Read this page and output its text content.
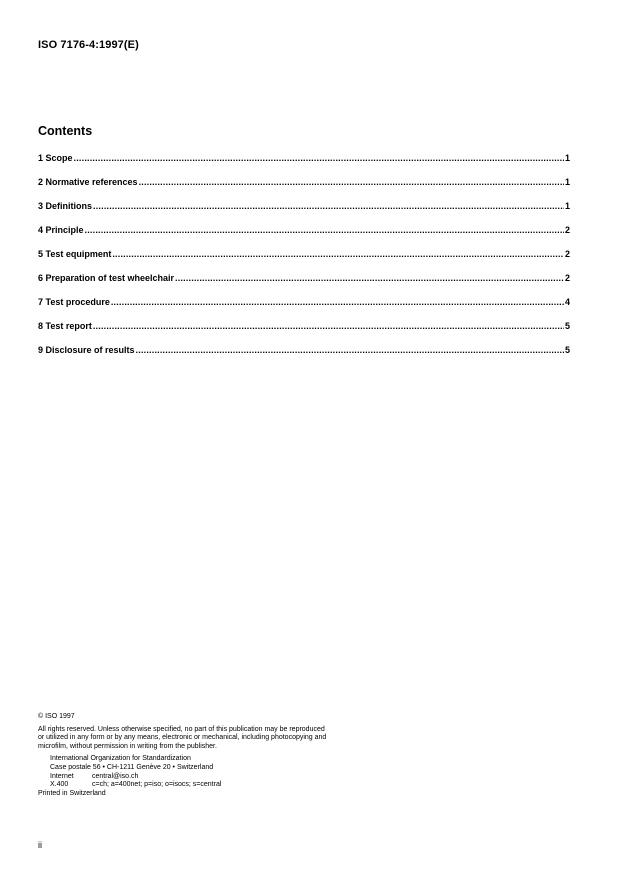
ISO 7176-4:1997(E)
Contents
1 Scope .....	1
2 Normative references .....	1
3 Definitions .....	1
4 Principle .....	2
5 Test equipment .....	2
6 Preparation of test wheelchair .....	2
7 Test procedure .....	4
8 Test report .....	5
9 Disclosure of results .....	5
© ISO 1997
All rights reserved. Unless otherwise specified, no part of this publication may be reproduced
or utilized in any form or by any means, electronic or mechanical, including photocopying and
microfilm, without permission in writing from the publisher.
International Organization for Standardization
Case postale 56 • CH-1211 Genève 20 • Switzerland
Internet	central@iso.ch
X.400	c=ch; a=400net; p=iso; o=isocs; s=central
Printed in Switzerland
ii
